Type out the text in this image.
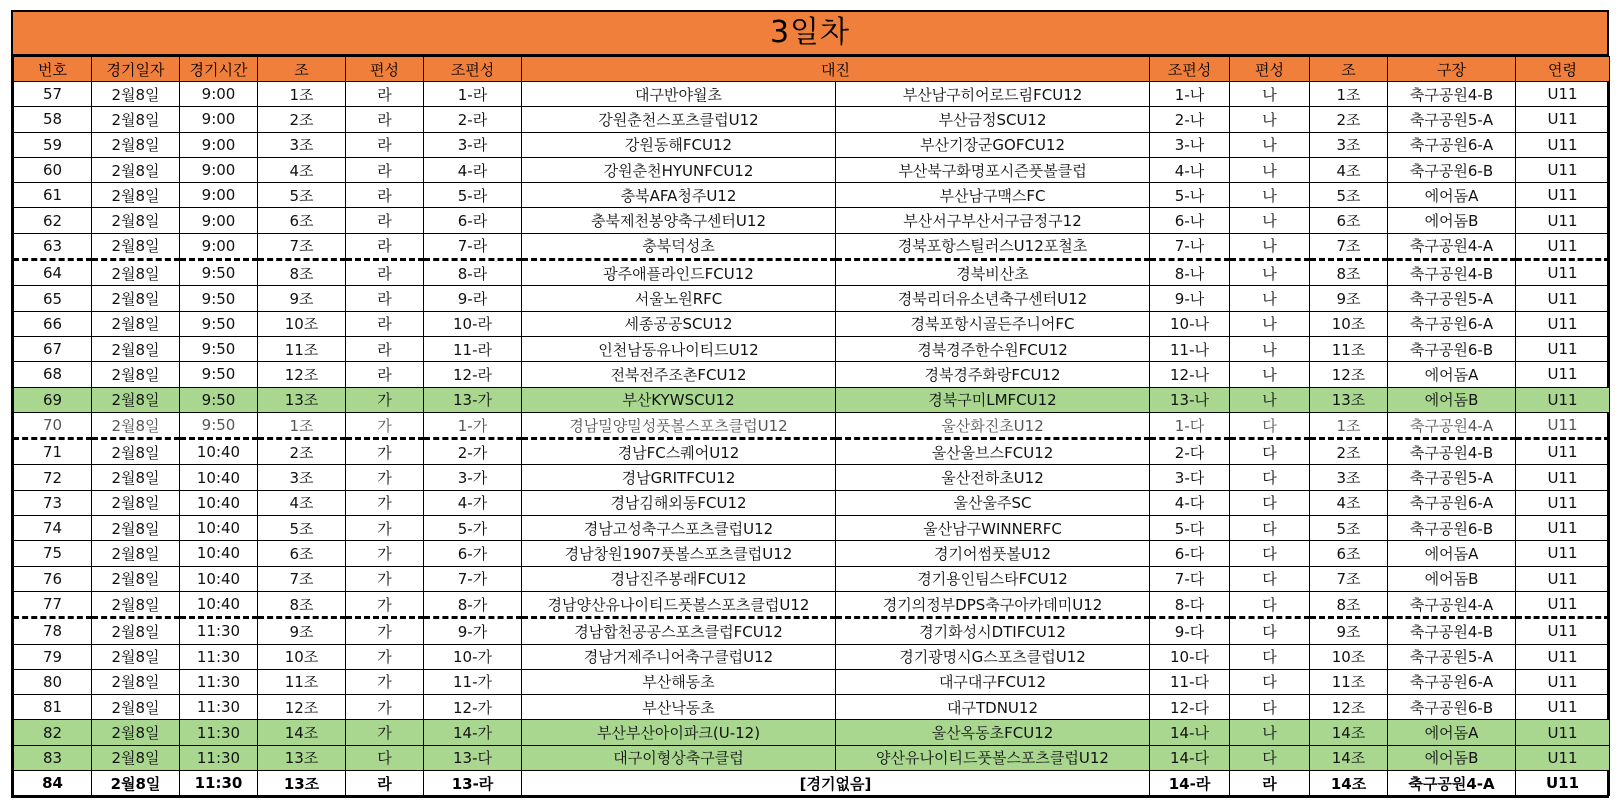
3일차
번호	경기일자	경기시간	조	편성	조편성	대진		조편성	편성	조	구장	연령
57	2월8일	9:00	1조	라	1-라	대구반야월초	부산남구히어로드림FCU12	1-나	나	1조	축구공원4-B	U11
58	2월8일	9:00	2조	라	2-라	강원춘천스포츠클럽U12	부산금정SCU12	2-나	나	2조	축구공원5-A	U11
59	2월8일	9:00	3조	라	3-라	강원동해FCU12	부산기장군GOFCU12	3-나	나	3조	축구공원6-A	U11
60	2월8일	9:00	4조	라	4-라	강원춘천HYUNFCU12	부산북구화명포시즌풋볼클럽	4-나	나	4조	축구공원6-B	U11
61	2월8일	9:00	5조	라	5-라	충북AFA청주U12	부산남구맥스FC	5-나	나	5조	에어돔A	U11
62	2월8일	9:00	6조	라	6-라	충북제천봉양축구센터U12	부산서구부산서구금정구12	6-나	나	6조	에어돔B	U11
63	2월8일	9:00	7조	라	7-라	충북덕성초	경북포항스틸러스U12포철초	7-나	나	7조	축구공원4-A	U11
64	2월8일	9:50	8조	라	8-라	광주애플라인드FCU12	경북비산초	8-나	나	8조	축구공원4-B	U11
65	2월8일	9:50	9조	라	9-라	서울노원RFC	경북리더유소년축구센터U12	9-나	나	9조	축구공원5-A	U11
66	2월8일	9:50	10조	라	10-라	세종공공SCU12	경북포항시골든주니어FC	10-나	나	10조	축구공원6-A	U11
67	2월8일	9:50	11조	라	11-라	인천남동유나이티드U12	경북경주한수원FCU12	11-나	나	11조	축구공원6-B	U11
68	2월8일	9:50	12조	라	12-라	전북전주조촌FCU12	경북경주화랑FCU12	12-나	나	12조	에어돔A	U11
69	2월8일	9:50	13조	가	13-가	부산KYWSCU12	경북구미LMFCU12	13-나	나	13조	에어돔B	U11
70	2월8일	9:50	1조	가	1-가	경남밀양밀성풋볼스포츠클럽U12	울산화진초U12	1-다	다	1조	축구공원4-A	U11
71	2월8일	10:40	2조	가	2-가	경남FC스퀘어U12	울산울브스FCU12	2-다	다	2조	축구공원4-B	U11
72	2월8일	10:40	3조	가	3-가	경남GRITFCU12	울산전하초U12	3-다	다	3조	축구공원5-A	U11
73	2월8일	10:40	4조	가	4-가	경남김해외동FCU12	울산울주SC	4-다	다	4조	축구공원6-A	U11
74	2월8일	10:40	5조	가	5-가	경남고성축구스포츠클럽U12	울산남구WINNERFC	5-다	다	5조	축구공원6-B	U11
75	2월8일	10:40	6조	가	6-가	경남창원1907풋볼스포츠클럽U12	경기어썸풋볼U12	6-다	다	6조	에어돔A	U11
76	2월8일	10:40	7조	가	7-가	경남진주봉래FCU12	경기용인팀스타FCU12	7-다	다	7조	에어돔B	U11
77	2월8일	10:40	8조	가	8-가	경남양산유나이티드풋볼스포츠클럽U12	경기의정부DPS축구아카데미U12	8-다	다	8조	축구공원4-A	U11
78	2월8일	11:30	9조	가	9-가	경남합천공공스포츠클럽FCU12	경기화성시DTIFCU12	9-다	다	9조	축구공원4-B	U11
79	2월8일	11:30	10조	가	10-가	경남거제주니어축구클럽U12	경기광명시G스포츠클럽U12	10-다	다	10조	축구공원5-A	U11
80	2월8일	11:30	11조	가	11-가	부산해동초	대구대구FCU12	11-다	다	11조	축구공원6-A	U11
81	2월8일	11:30	12조	가	12-가	부산낙동초	대구TDNU12	12-다	다	12조	축구공원6-B	U11
82	2월8일	11:30	14조	가	14-가	부산부산아이파크(U-12)	울산옥동초FCU12	14-나	나	14조	에어돔A	U11
83	2월8일	11:30	13조	다	13-다	대구이형상축구클럽	양산유나이티드풋볼스포츠클럽U12	14-다	다	14조	에어돔B	U11
84	2월8일	11:30	13조	라	13-라	[경기없음]		14-라	라	14조	축구공원4-A	U11
